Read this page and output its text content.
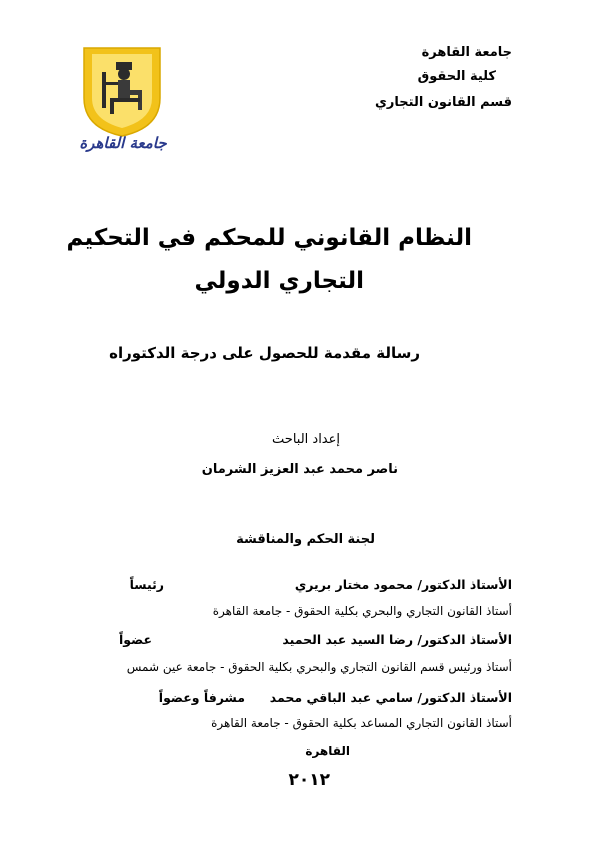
جامعة القاهرة
كلية الحقوق
قسم القانون التجاري
جامعة القاهرة
النظام القانوني للمحكم في التحكيم
التجاري الدولي
رسالة مقدمة للحصول على درجة الدكتوراه
إعداد الباحث
ناصر محمد عبد العزيز الشرمان
لجنة الحكم والمناقشة
الأستاذ الدكتور/ محمود مختار بريري
رئيساً
أستاذ القانون التجاري والبحري بكلية الحقوق - جامعة القاهرة
الأستاذ الدكتور/ رضا السيد عبد الحميد
عضواً
أستاذ ورئيس قسم القانون التجاري والبحري بكلية الحقوق - جامعة عين شمس
الأستاذ الدكتور/ سامي عبد الباقي محمد
مشرفاً وعضواً
أستاذ القانون التجاري المساعد بكلية الحقوق - جامعة القاهرة
القاهرة
٢٠١٢
